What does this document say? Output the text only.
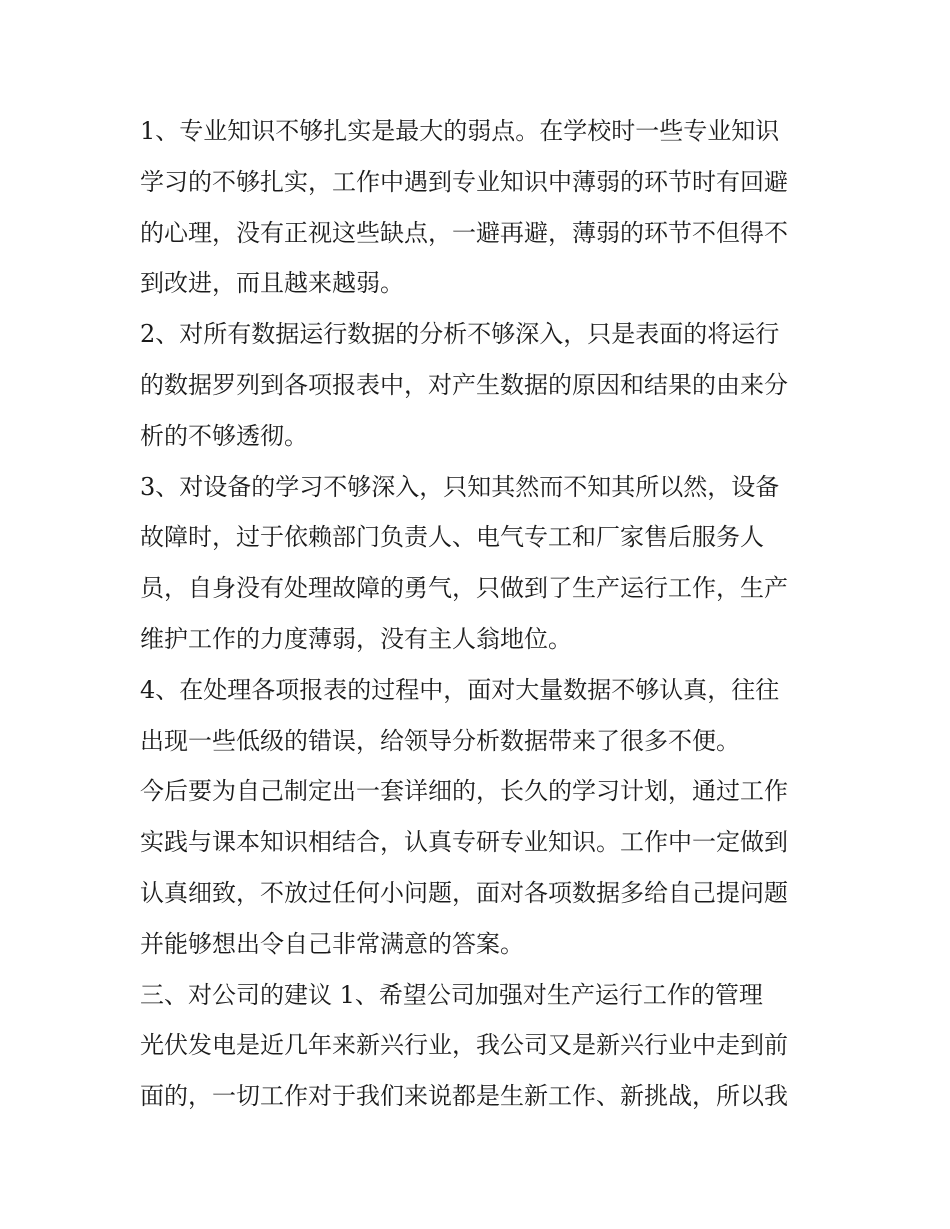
1、专业知识不够扎实是最大的弱点。在学校时一些专业知识
学习的不够扎实，工作中遇到专业知识中薄弱的环节时有回避
的心理，没有正视这些缺点，一避再避，薄弱的环节不但得不
到改进，而且越来越弱。
2、对所有数据运行数据的分析不够深入，只是表面的将运行
的数据罗列到各项报表中，对产生数据的原因和结果的由来分
析的不够透彻。
3、对设备的学习不够深入，只知其然而不知其所以然，设备
故障时，过于依赖部门负责人、电气专工和厂家售后服务人
员，自身没有处理故障的勇气，只做到了生产运行工作，生产
维护工作的力度薄弱，没有主人翁地位。
4、在处理各项报表的过程中，面对大量数据不够认真，往往
出现一些低级的错误，给领导分析数据带来了很多不便。
今后要为自己制定出一套详细的，长久的学习计划，通过工作
实践与课本知识相结合，认真专研专业知识。工作中一定做到
认真细致，不放过任何小问题，面对各项数据多给自己提问题
并能够想出令自己非常满意的答案。
三、对公司的建议 1、希望公司加强对生产运行工作的管理
光伏发电是近几年来新兴行业，我公司又是新兴行业中走到前
面的，一切工作对于我们来说都是生新工作、新挑战，所以我
